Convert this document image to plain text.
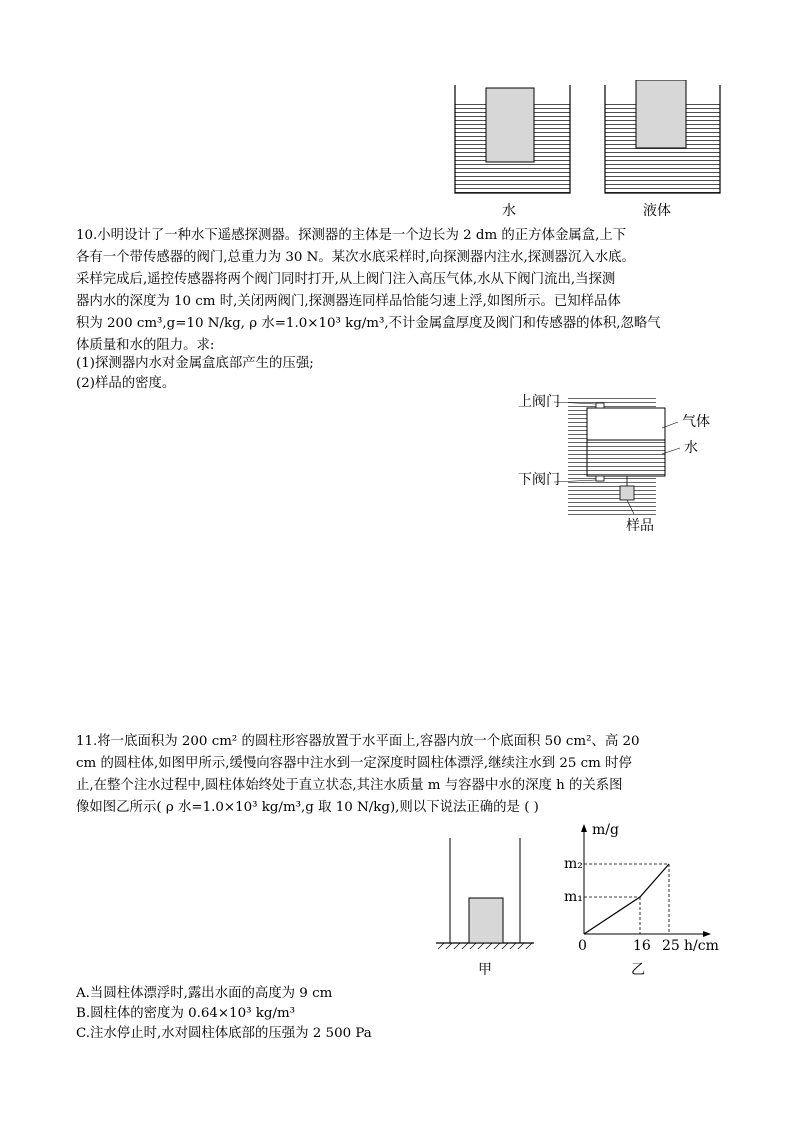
水	液体
10.小明设计了一种水下遥感探测器。探测器的主体是一个边长为 2 dm 的正方体金属盒,上下
各有一个带传感器的阀门,总重力为 30 N。某次水底采样时,向探测器内注水,探测器沉入水底。
采样完成后,遥控传感器将两个阀门同时打开,从上阀门注入高压气体,水从下阀门流出,当探测
器内水的深度为 10 cm 时,关闭两阀门,探测器连同样品恰能匀速上浮,如图所示。已知样品体
积为 200 cm³,g=10 N/kg, ρ 水=1.0×10³ kg/m³,不计金属盒厚度及阀门和传感器的体积,忽略气
体质量和水的阻力。求:
(1)探测器内水对金属盒底部产生的压强;
(2)样品的密度。
上阀门
气体
水
下阀门
样品
11.将一底面积为 200 cm² 的圆柱形容器放置于水平面上,容器内放一个底面积 50 cm²、高 20
cm 的圆柱体,如图甲所示,缓慢向容器中注水到一定深度时圆柱体漂浮,继续注水到 25 cm 时停
止,在整个注水过程中,圆柱体始终处于直立状态,其注水质量 m 与容器中水的深度 h 的关系图
像如图乙所示( ρ 水=1.0×10³ kg/m³,g 取 10 N/kg),则以下说法正确的是 ( )
甲
m/g
m₂
m₁
0	16 25 h/cm
乙
A.当圆柱体漂浮时,露出水面的高度为 9 cm
B.圆柱体的密度为 0.64×10³ kg/m³
C.注水停止时,水对圆柱体底部的压强为 2 500 Pa
